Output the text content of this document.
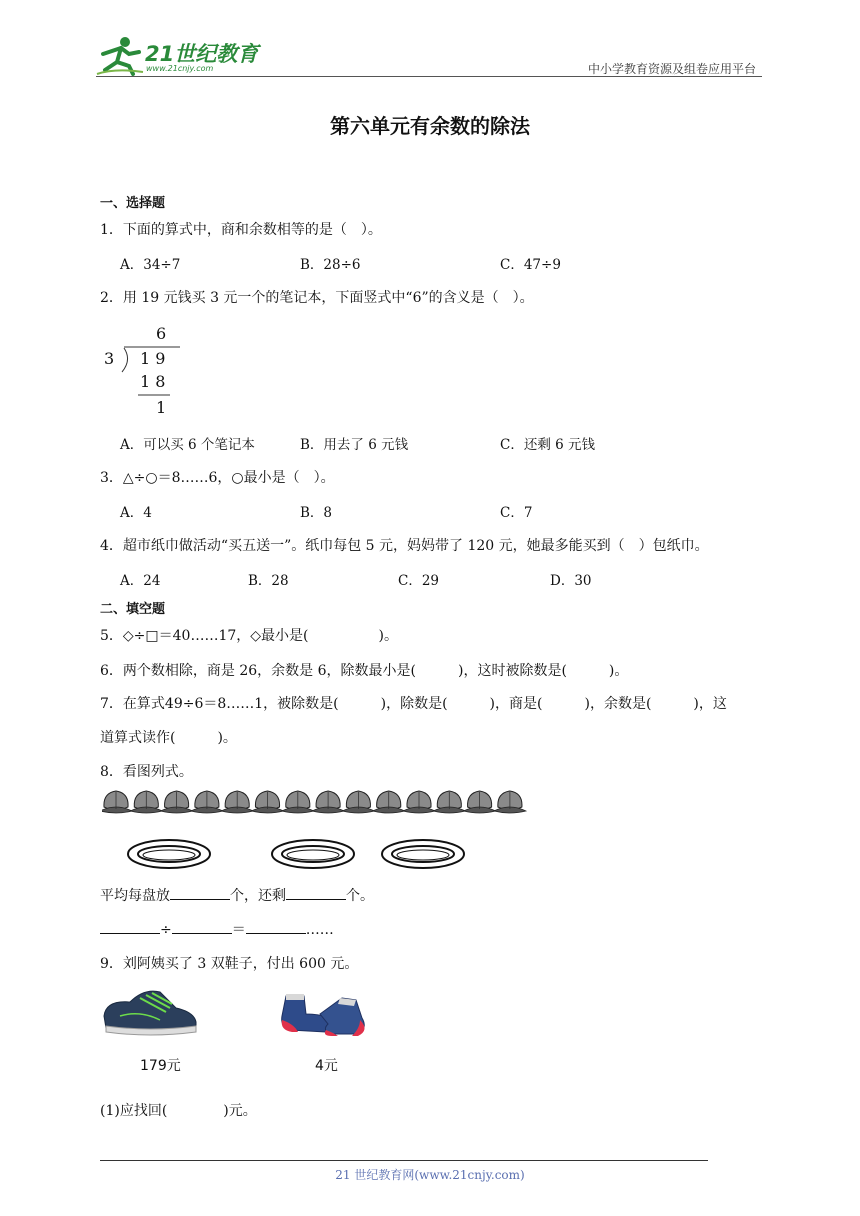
21世纪教育
www.21cnjy.com	中小学教育资源及组卷应用平台
第六单元有余数的除法
一、选择题
1．下面的算式中，商和余数相等的是（　）。
A．34÷7	B．28÷6	C．47÷9
2．用 19 元钱买 3 元一个的笔记本，下面竖式中“6”的含义是（　）。
6
3 1 9
1 8
1
A．可以买 6 个笔记本	B．用去了 6 元钱	C．还剩 6 元钱
3．△÷○＝8……6，○最小是（　）。
A．4	B．8	C．7
4．超市纸巾做活动“买五送一”。纸巾每包 5 元，妈妈带了 120 元，她最多能买到（　）包纸巾。
A．24	B．28	C．29	D．30
二、填空题
5．◇÷□＝40……17，◇最小是(　　　　　)。
6．两个数相除，商是 26，余数是 6，除数最小是(　　　)，这时被除数是(　　　)。
7．在算式49÷6＝8……1，被除数是(　　　)，除数是(　　　)，商是(　　　)，余数是(　　　)，这
道算式读作(　　　)。
8．看图列式。
平均每盘放	个，还剩	个。
÷	＝	……
9．刘阿姨买了 3 双鞋子，付出 600 元。
179元	4元
(1)应找回(　　　　)元。
21 世纪教育网(www.21cnjy.com)
